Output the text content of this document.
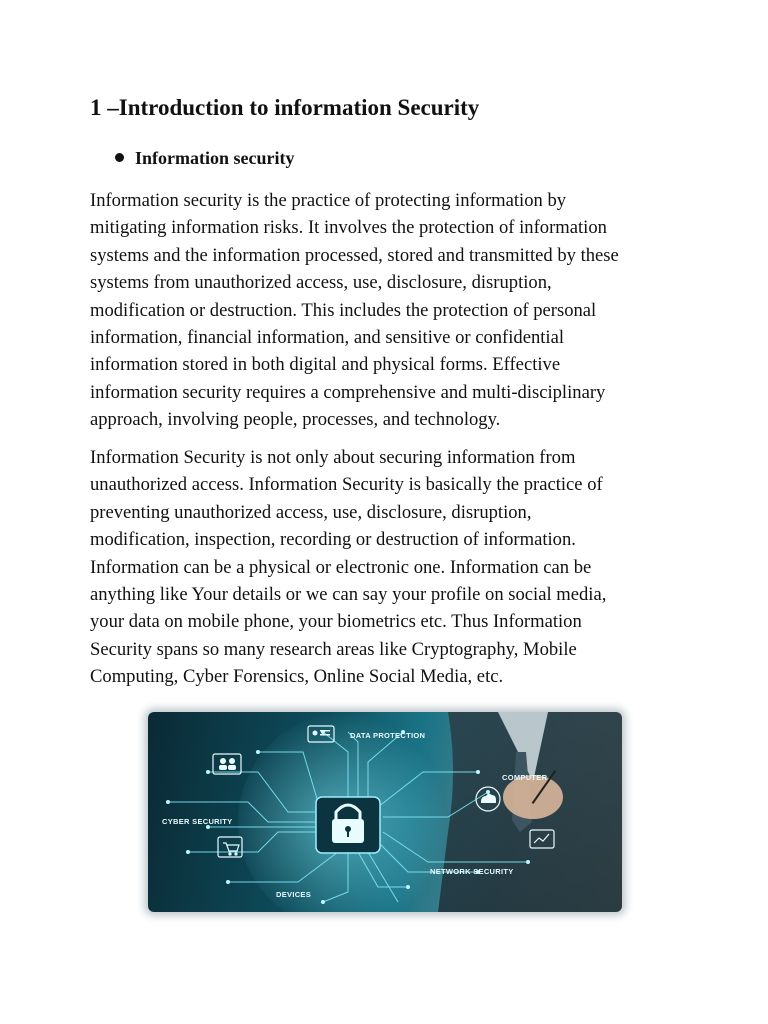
1 –Introduction to information Security
Information security

Information security is the practice of protecting information by
mitigating information risks. It involves the protection of information
systems and the information processed, stored and transmitted by these
systems from unauthorized access, use, disclosure, disruption,
modification or destruction. This includes the protection of personal
information, financial information, and sensitive or confidential
information stored in both digital and physical forms. Effective
information security requires a comprehensive and multi-disciplinary
approach, involving people, processes, and technology.

Information Security is not only about securing information from
unauthorized access. Information Security is basically the practice of
preventing unauthorized access, use, disclosure, disruption,
modification, inspection, recording or destruction of information.
Information can be a physical or electronic one. Information can be
anything like Your details or we can say your profile on social media,
your data on mobile phone, your biometrics etc. Thus Information
Security spans so many research areas like Cryptography, Mobile
Computing, Cyber Forensics, Online Social Media, etc.

DATA PROTECTION
COMPUTER
CYBER SECURITY
NETWORK SECURITY
DEVICES
